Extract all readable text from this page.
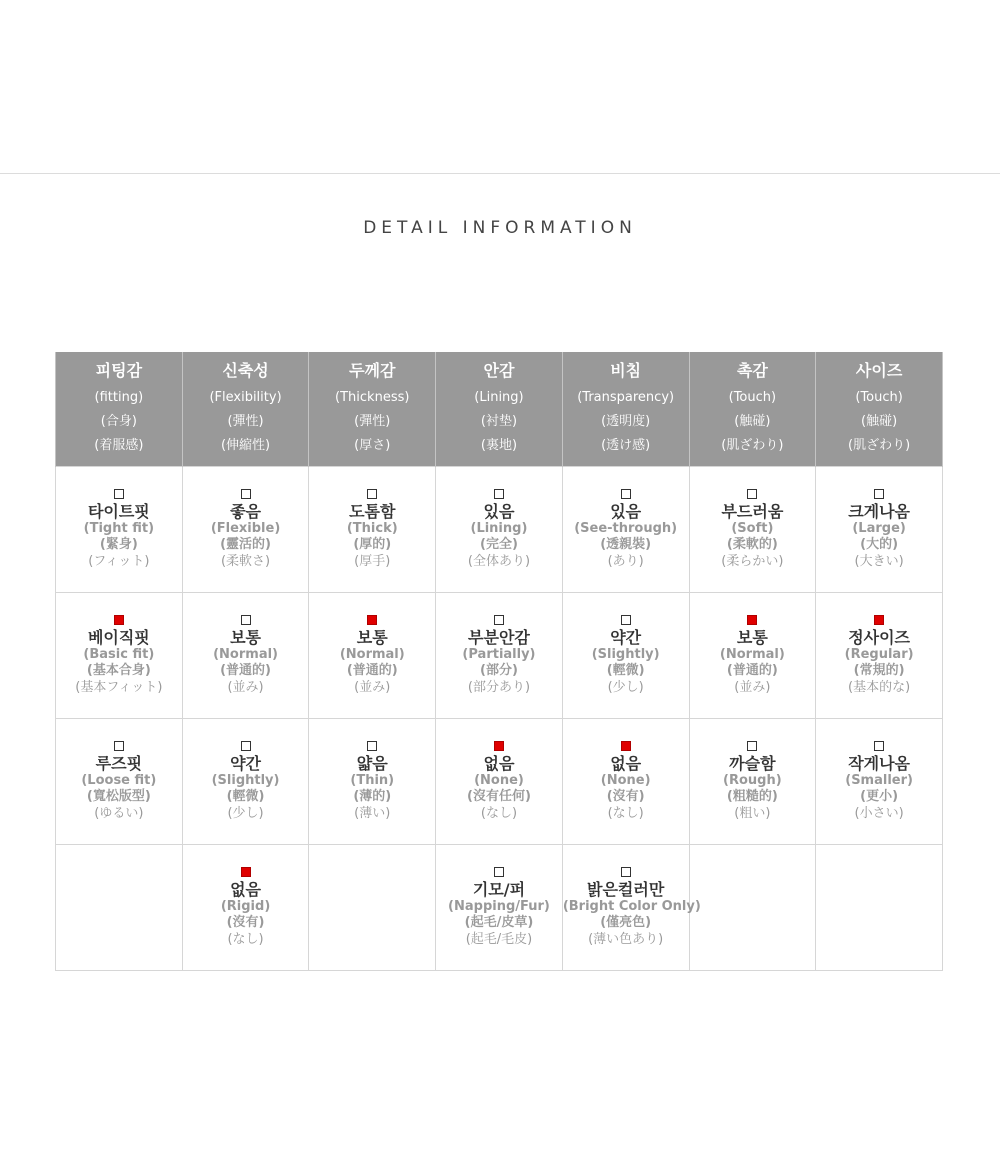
DETAIL INFORMATION
피팅감
(fitting)
(合身)
(着服感)	신축성
(Flexibility)
(彈性)
(伸縮性)	두께감
(Thickness)
(彈性)
(厚さ)	안감
(Lining)
(衬垫)
(裏地)	비침
(Transparency)
(透明度)
(透け感)	촉감
(Touch)
(触碰)
(肌ざわり)	사이즈
(Touch)
(触碰)
(肌ざわり)

타이트핏
(Tight fit)
(緊身)
(フィット)	좋음
(Flexible)
(靈活的)
(柔軟さ)	도톰함
(Thick)
(厚的)
(厚手)	있음
(Lining)
(完全)
(全体あり)	있음
(See-through)
(透親裝)
(あり)	부드러움
(Soft)
(柔軟的)
(柔らかい)	크게나옴
(Large)
(大的)
(大きい)

베이직핏
(Basic fit)
(基本合身)
(基本フィット)	보통
(Normal)
(普通的)
(並み)	보통
(Normal)
(普通的)
(並み)	부분안감
(Partially)
(部分)
(部分あり)	약간
(Slightly)
(輕微)
(少し)	보통
(Normal)
(普通的)
(並み)	정사이즈
(Regular)
(常規的)
(基本的な)

루즈핏
(Loose fit)
(寬松版型)
(ゆるい)	약간
(Slightly)
(輕微)
(少し)	얇음
(Thin)
(薄的)
(薄い)	없음
(None)
(沒有任何)
(なし)	없음
(None)
(沒有)
(なし)	까슬함
(Rough)
(粗糙的)
(粗い)	작게나옴
(Smaller)
(更小)
(小さい)

	없음
(Rigid)
(沒有)
(なし)		기모/퍼
(Napping/Fur)
(起毛/皮草)
(起毛/毛皮)	밝은컬러만
(Bright Color Only)
(僅亮色)
(薄い色あり)		
